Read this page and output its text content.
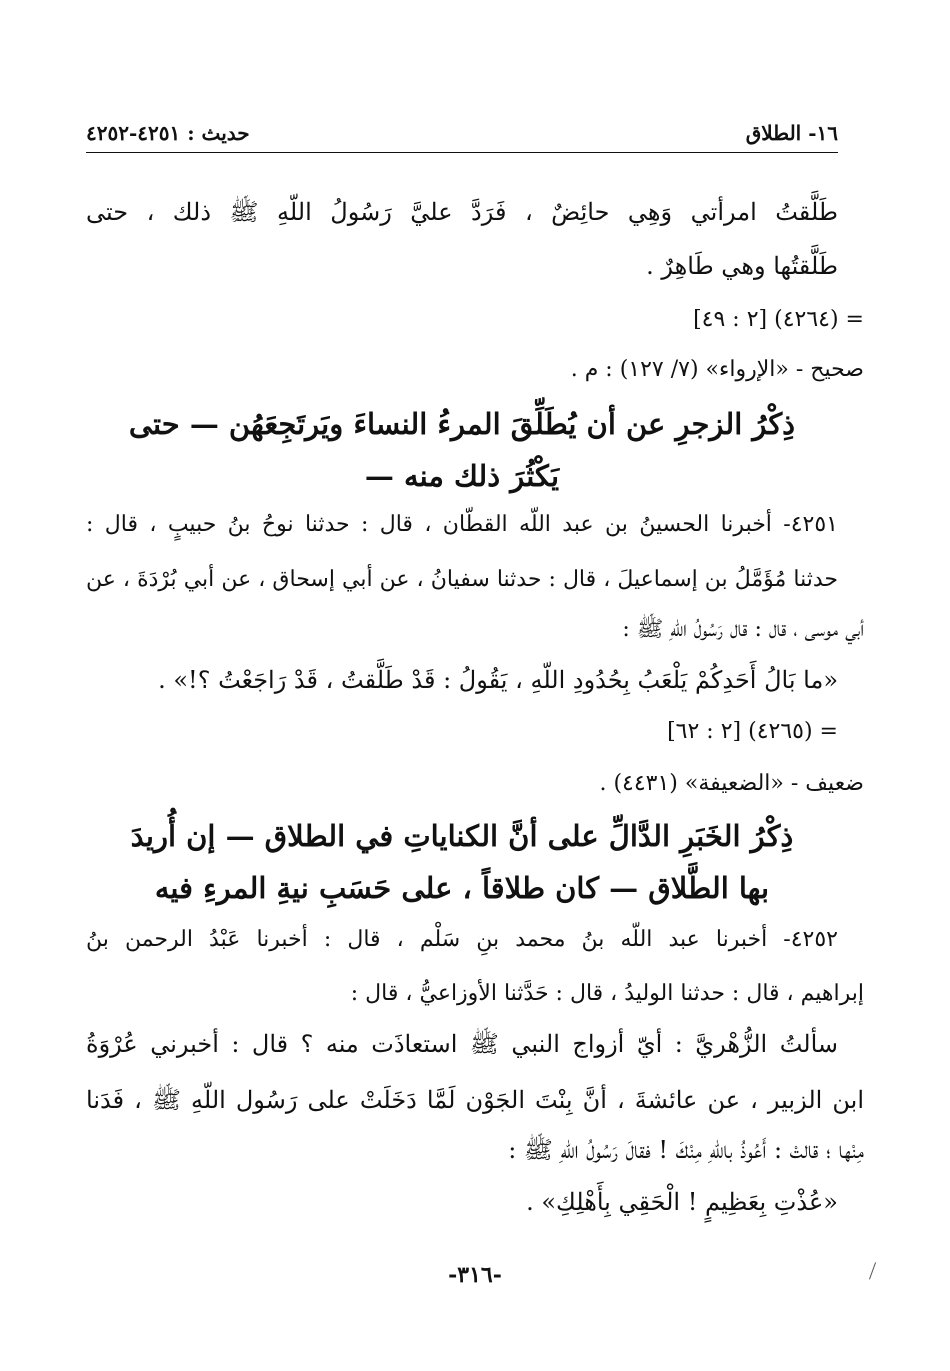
١٦- الطلاق
حديث : ٤٢٥١-٤٢٥٢
طَلَّقتُ امرأتي وَهِي حائِضٌ ، فَرَدَّ عليَّ رَسُولُ اللّهِ ﷺ ذلك ، حتى
طَلَّقتُها وهي طَاهِرٌ .
= (٤٢٦٤) [٢ : ٤٩]
صحيح - «الإرواء» (٧/ ١٢٧) : م .
ذِكْرُ الزجرِ عن أن يُطَلِّقَ المرءُ النساءَ ويَرتَجِعَهُن — حتى
يَكْثُرَ ذلك منه —
٤٢٥١- أخبرنا الحسينُ بن عبد اللّه القطّان ، قال : حدثنا نوحُ بنُ حبيبٍ ، قال :
حدثنا مُؤَمَّلُ بن إسماعيلَ ، قال : حدثنا سفيانُ ، عن أبي إسحاق ، عن أبي بُرْدَةَ ، عن
أبي موسى ، قال : قال رَسُولُ اللّهِ ﷺ :
«ما بَالُ أَحَدِكُمْ يَلْعَبُ بِحُدُودِ اللّهِ ، يَقُولُ : قَدْ طَلَّقتُ ، قَدْ رَاجَعْتُ ؟!» .
= (٤٢٦٥) [٢ : ٦٢]
ضعيف - «الضعيفة» (٤٤٣١) .
ذِكْرُ الخَبَرِ الدَّالِّ على أنَّ الكناياتِ في الطلاق — إن أُريدَ
بها الطَّلاق — كان طلاقاً ، على حَسَبِ نيةِ المرءِ فيه
٤٢٥٢- أخبرنا عبد اللّه بنُ محمد بنِ سَلْم ، قال : أخبرنا عَبْدُ الرحمن بنُ
إبراهيم ، قال : حدثنا الوليدُ ، قال : حَدَّثنا الأوزاعيُّ ، قال :
سألتُ الزُّهْريَّ : أيّ أزواج النبي ﷺ استعاذَت منه ؟ قال : أخبرني عُرْوَةُ
ابن الزبير ، عن عائشةَ ، أنَّ بِنْتَ الجَوْن لَمَّا دَخَلَتْ على رَسُول اللّهِ ﷺ ، فَدَنا
مِنْها ؛ قالتْ : أَعُوذُ باللّهِ مِنْكَ ! فقالَ رَسُولُ اللّهِ ﷺ :
«عُذْتِ بِعَظِيمٍ ! الْحَقِي بِأَهْلِكِ» .
-٣١٦-
